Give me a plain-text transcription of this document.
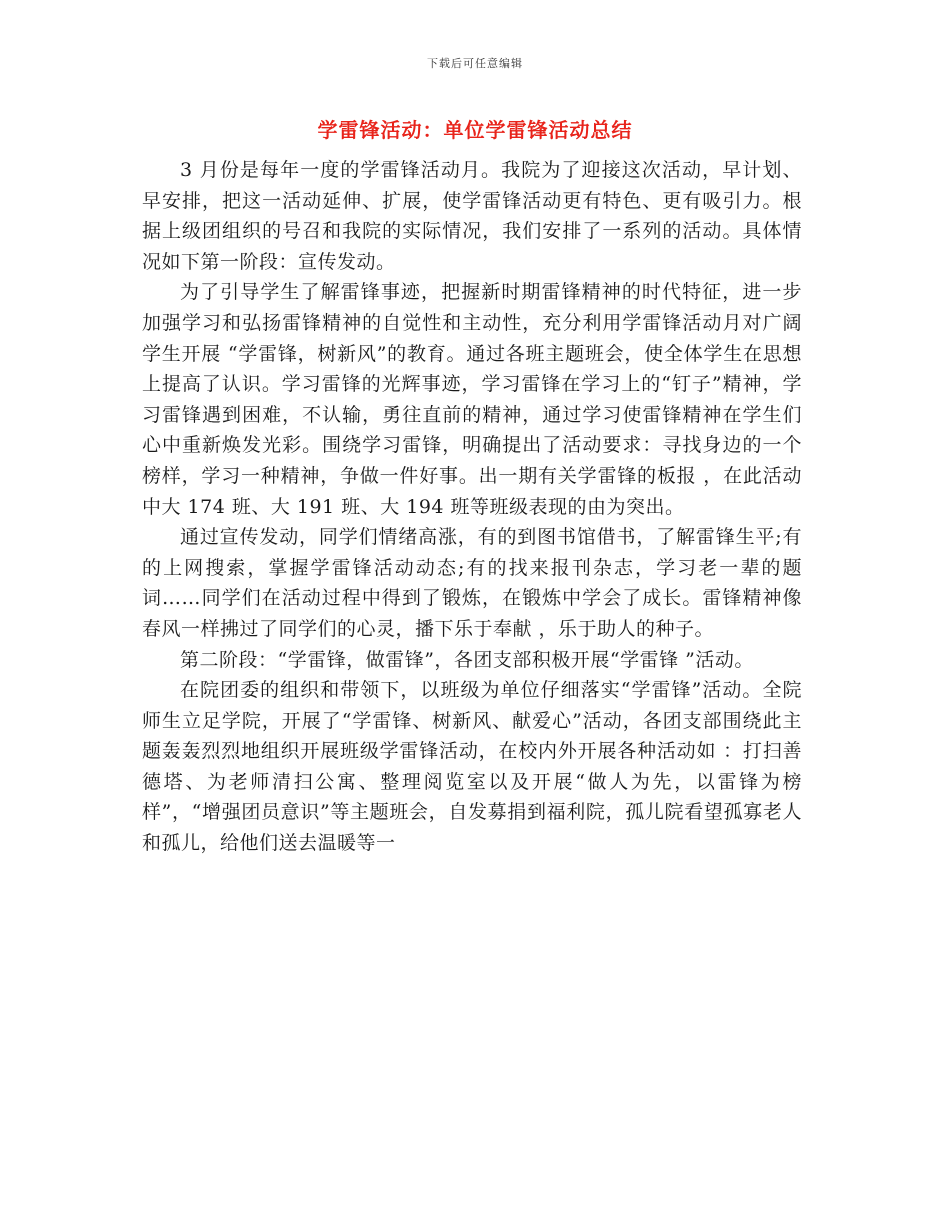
下载后可任意编辑
学雷锋活动：单位学雷锋活动总结

3 月份是每年一度的学雷锋活动月。我院为了迎接这次活动，早计划、早安排，把这一活动延伸、扩展，使学雷锋活动更有特色、更有吸引力。根据上级团组织的号召和我院的实际情况，我们安排了一系列的活动。具体情况如下第一阶段：宣传发动。

为了引导学生了解雷锋事迹，把握新时期雷锋精神的时代特征，进一步加强学习和弘扬雷锋精神的自觉性和主动性，充分利用学雷锋活动月对广阔学生开展 “学雷锋，树新风”的教育。通过各班主题班会，使全体学生在思想上提高了认识。学习雷锋的光辉事迹，学习雷锋在学习上的“钉子”精神，学习雷锋遇到困难，不认输，勇往直前的精神，通过学习使雷锋精神在学生们心中重新焕发光彩。围绕学习雷锋，明确提出了活动要求：寻找身边的一个榜样，学习一种精神，争做一件好事。出一期有关学雷锋的板报 ，在此活动中大 174 班、大 191 班、大 194 班等班级表现的由为突出。

通过宣传发动，同学们情绪高涨，有的到图书馆借书，了解雷锋生平;有的上网搜索，掌握学雷锋活动动态;有的找来报刊杂志，学习老一辈的题词……同学们在活动过程中得到了锻炼，在锻炼中学会了成长。雷锋精神像春风一样拂过了同学们的心灵，播下乐于奉献 ，乐于助人的种子。

第二阶段：“学雷锋，做雷锋”，各团支部积极开展“学雷锋 ”活动。

在院团委的组织和带领下，以班级为单位仔细落实“学雷锋”活动。全院师生立足学院，开展了“学雷锋、树新风、献爱心”活动，各团支部围绕此主题轰轰烈烈地组织开展班级学雷锋活动，在校内外开展各种活动如 ：打扫善德塔、为老师清扫公寓、整理阅览室以及开展“做人为先，以雷锋为榜样”，“增强团员意识”等主题班会，自发募捐到福利院，孤儿院看望孤寡老人和孤儿，给他们送去温暖等一
